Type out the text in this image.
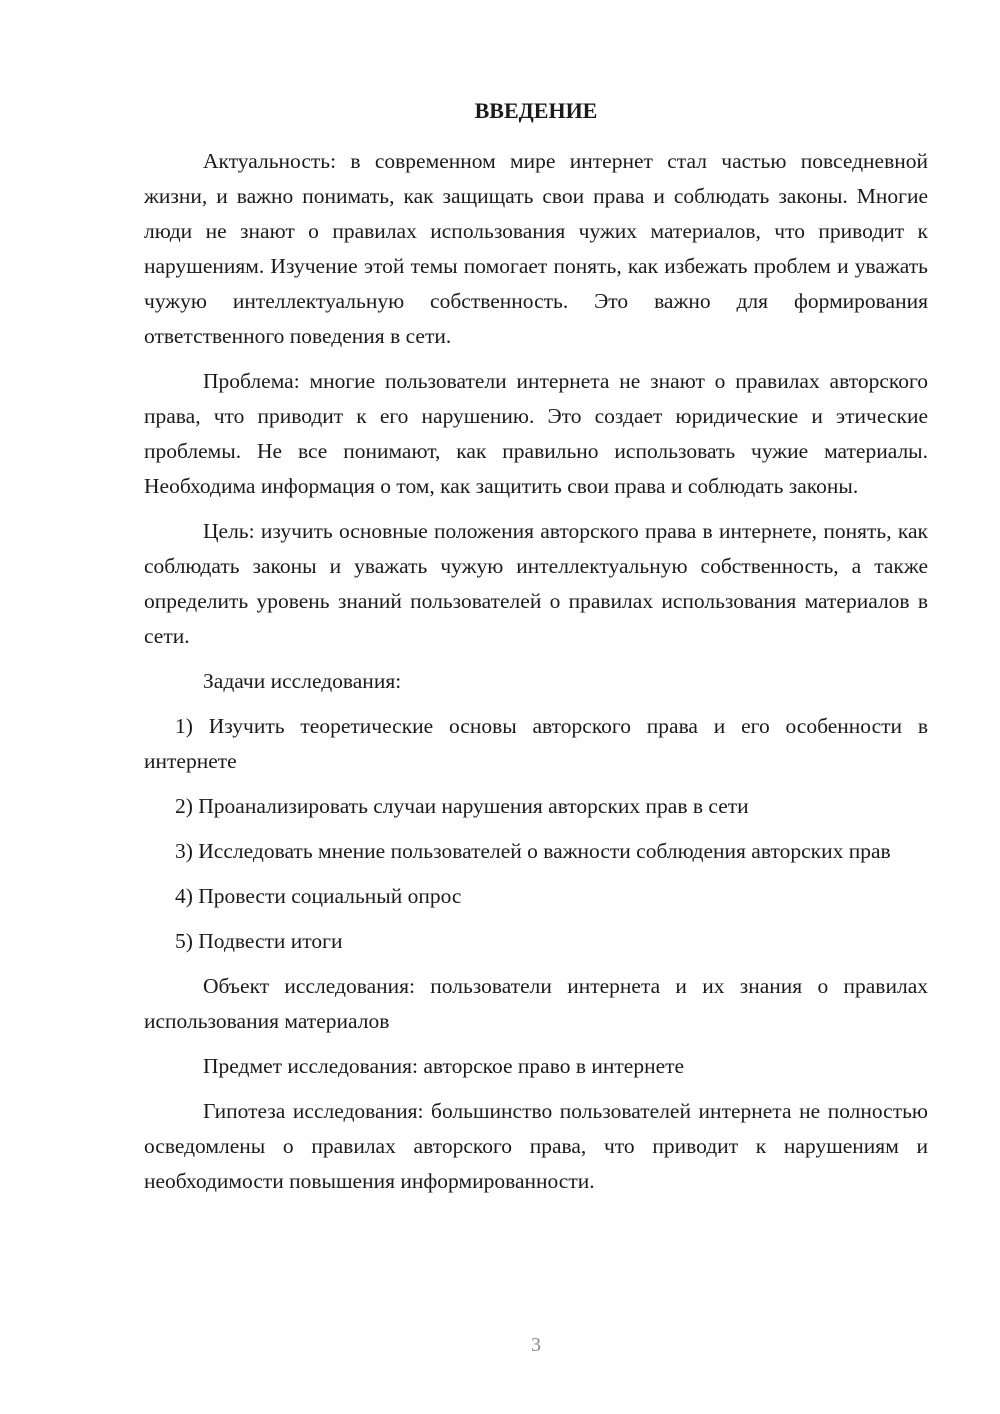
ВВЕДЕНИЕ

Актуальность: в современном мире интернет стал частью повседневной жизни, и важно понимать, как защищать свои права и соблюдать законы. Многие люди не знают о правилах использования чужих материалов, что приводит к нарушениям. Изучение этой темы помогает понять, как избежать проблем и уважать чужую интеллектуальную собственность. Это важно для формирования ответственного поведения в сети.

Проблема: многие пользователи интернета не знают о правилах авторского права, что приводит к его нарушению. Это создает юридические и этические проблемы. Не все понимают, как правильно использовать чужие материалы. Необходима информация о том, как защитить свои права и соблюдать законы.

Цель: изучить основные положения авторского права в интернете, понять, как соблюдать законы и уважать чужую интеллектуальную собственность, а также определить уровень знаний пользователей о правилах использования материалов в сети.

Задачи исследования:

1) Изучить теоретические основы авторского права и его особенности в интернете

2) Проанализировать случаи нарушения авторских прав в сети

3) Исследовать мнение пользователей о важности соблюдения авторских прав

4) Провести социальный опрос

5) Подвести итоги

Объект исследования: пользователи интернета и их знания о правилах использования материалов

Предмет исследования: авторское право в интернете

Гипотеза исследования: большинство пользователей интернета не полностью осведомлены о правилах авторского права, что приводит к нарушениям и необходимости повышения информированности.

3
